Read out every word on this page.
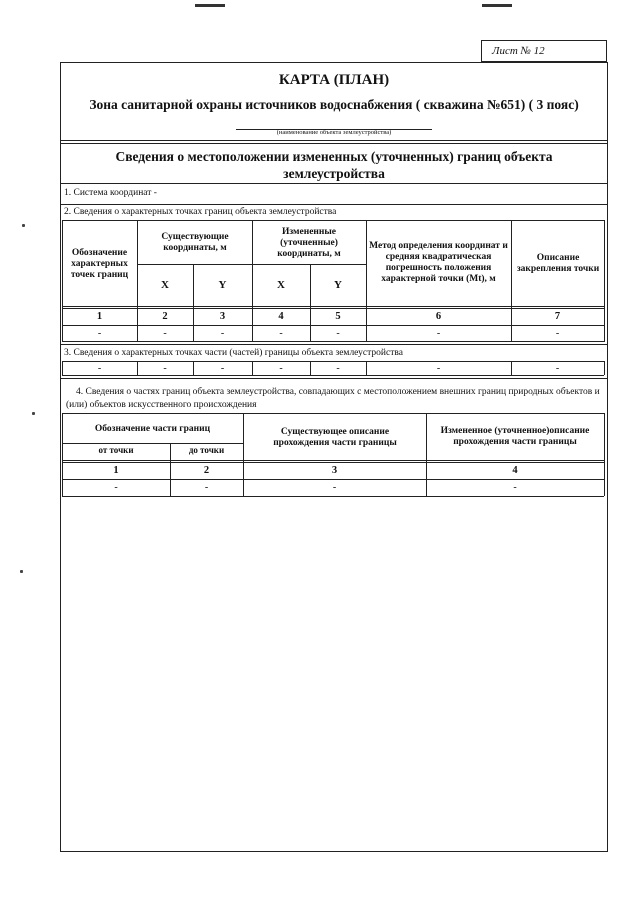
Лист № 12
КАРТА (ПЛАН)
Зона санитарной охраны источников водоснабжения ( скважина №651) ( 3 пояс)
(наименование объекта землеустройства)
Сведения о местоположении измененных (уточненных) границ объекта землеустройства
1. Система координат -
2. Сведения о характерных точках границ объекта землеустройства
Обозначение характерных точек границ
Существующие координаты, м
Измененные (уточненные) координаты, м
Метод определения координат и средняя квадратическая погрешность положения характерной точки (Mt), м
Описание закрепления точки
X	Y	X	Y
1	2	3	4	5	6	7
-	-	-	-	-	-	-
3. Сведения о характерных точках части (частей) границы объекта землеустройства
-	-	-	-	-	-	-
4. Сведения о частях границ объекта землеустройства, совпадающих с местоположением внешних границ природных объектов и (или) объектов искусственного происхождения
Обозначение части границ
от точки	до точки
Существующее описание прохождения части границы
Измененное (уточненное)описание прохождения части границы
1	2	3	4
-	-	-	-
